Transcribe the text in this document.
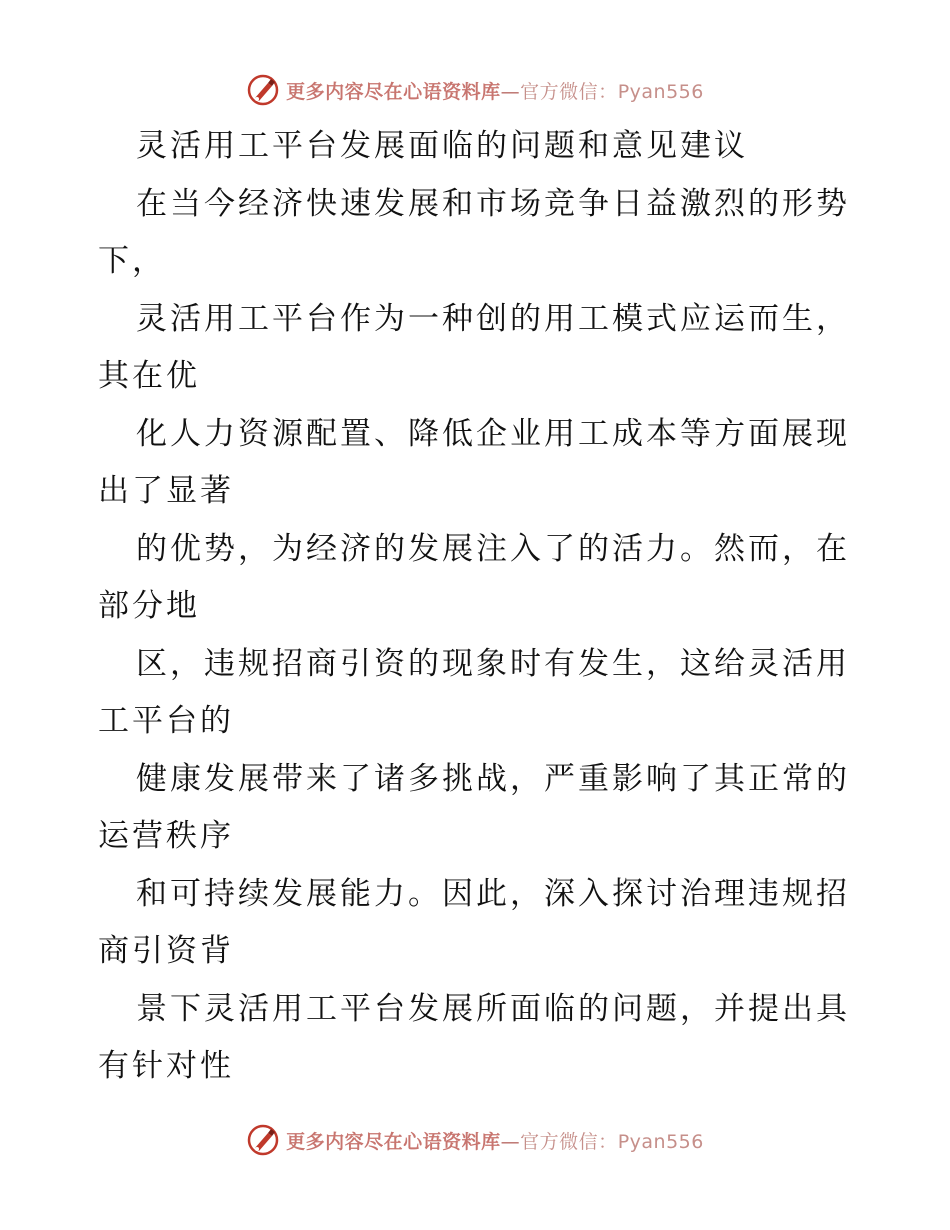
更多内容尽在心语资料库—官方微信：Pyan556
灵活用工平台发展面临的问题和意见建议
在当今经济快速发展和市场竞争日益激烈的形势
下，
灵活用工平台作为一种创的用工模式应运而生，
其在优
化人力资源配置、降低企业用工成本等方面展现
出了显著
的优势，为经济的发展注入了的活力。然而，在
部分地
区，违规招商引资的现象时有发生，这给灵活用
工平台的
健康发展带来了诸多挑战，严重影响了其正常的
运营秩序
和可持续发展能力。因此，深入探讨治理违规招
商引资背
景下灵活用工平台发展所面临的问题，并提出具
有针对性
更多内容尽在心语资料库—官方微信：Pyan556
